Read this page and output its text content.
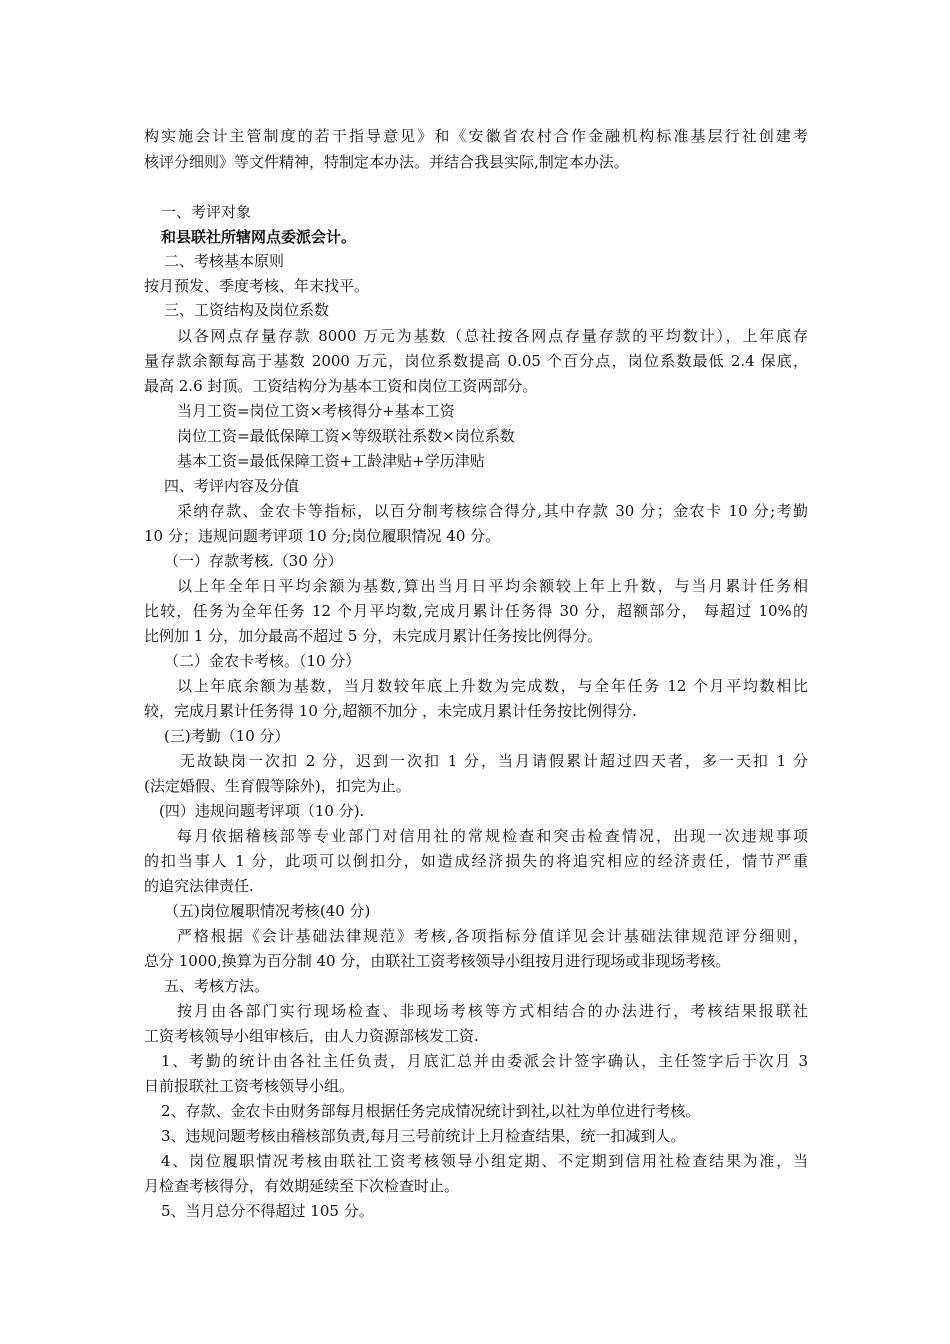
构实施会计主管制度的若干指导意见》和《安徽省农村合作金融机构标准基层行社创建考
核评分细则》等文件精神，特制定本办法。并结合我县实际,制定本办法。
一、考评对象
和县联社所辖网点委派会计。
二、考核基本原则
按月预发、季度考核、年末找平。
三、工资结构及岗位系数
以各网点存量存款 8000 万元为基数（总社按各网点存量存款的平均数计），上年底存
量存款余额每高于基数 2000 万元，岗位系数提高 0.05 个百分点，岗位系数最低 2.4 保底，
最高 2.6 封顶。工资结构分为基本工资和岗位工资两部分。
当月工资=岗位工资×考核得分+基本工资
岗位工资=最低保障工资×等级联社系数×岗位系数
基本工资=最低保障工资+工龄津贴+学历津贴
四、考评内容及分值
采纳存款、金农卡等指标，以百分制考核综合得分,其中存款 30 分；金农卡 10 分;考勤
10 分；违规问题考评项 10 分;岗位履职情况 40 分。
（一）存款考核.（30 分）
以上年全年日平均余额为基数,算出当月日平均余额较上年上升数，与当月累计任务相
比较，任务为全年任务 12 个月平均数,完成月累计任务得 30 分，超额部分， 每超过 10%的
比例加 1 分，加分最高不超过 5 分，未完成月累计任务按比例得分。
（二）金农卡考核。（10 分）
以上年底余额为基数，当月数较年底上升数为完成数，与全年任务 12 个月平均数相比
较，完成月累计任务得 10 分,超额不加分 ，未完成月累计任务按比例得分.
(三)考勤（10 分）
无故缺岗一次扣 2 分，迟到一次扣 1 分，当月请假累计超过四天者，多一天扣 1 分
(法定婚假、生育假等除外)，扣完为止。
(四）违规问题考评项（10 分).
每月依据稽核部等专业部门对信用社的常规检查和突击检查情况，出现一次违规事项
的扣当事人 1 分，此项可以倒扣分，如造成经济损失的将追究相应的经济责任，情节严重
的追究法律责任.
（五)岗位履职情况考核(40 分)
严格根据《会计基础法律规范》考核,各项指标分值详见会计基础法律规范评分细则，
总分 1000,换算为百分制 40 分，由联社工资考核领导小组按月进行现场或非现场考核。
五、考核方法。
按月由各部门实行现场检查、非现场考核等方式相结合的办法进行，考核结果报联社
工资考核领导小组审核后，由人力资源部核发工资.
1、考勤的统计由各社主任负责，月底汇总并由委派会计签字确认，主任签字后于次月 3
日前报联社工资考核领导小组。
2、存款、金农卡由财务部每月根据任务完成情况统计到社,以社为单位进行考核。
3、违规问题考核由稽核部负责,每月三号前统计上月检查结果，统一扣减到人。
4、岗位履职情况考核由联社工资考核领导小组定期、不定期到信用社检查结果为准，当
月检查考核得分，有效期延续至下次检查时止。
5、当月总分不得超过 105 分。
